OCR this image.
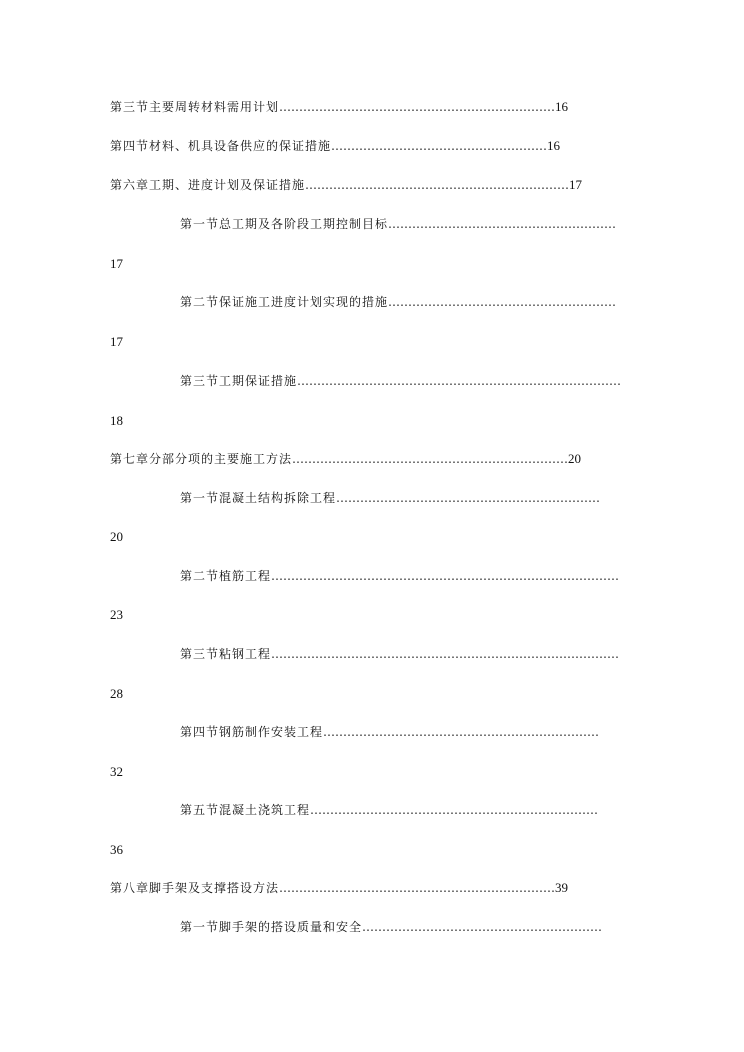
第三节主要周转材料需用计划……………………………………………………………16
第四节材料、机具设备供应的保证措施………………………………………………16
第六章工期、进度计划及保证措施…………………………………………………………17
第一节总工期及各阶段工期控制目标…………………………………………………
17
第二节保证施工进度计划实现的措施…………………………………………………
17
第三节工期保证措施………………………………………………………………………
18
第七章分部分项的主要施工方法……………………………………………………………20
第一节混凝土结构拆除工程…………………………………………………………
20
第二节植筋工程……………………………………………………………………………
23
第三节粘钢工程……………………………………………………………………………
28
第四节钢筋制作安装工程……………………………………………………………
32
第五节混凝土浇筑工程………………………………………………………………
36
第八章脚手架及支撑搭设方法……………………………………………………………39
第一节脚手架的搭设质量和安全……………………………………………………
